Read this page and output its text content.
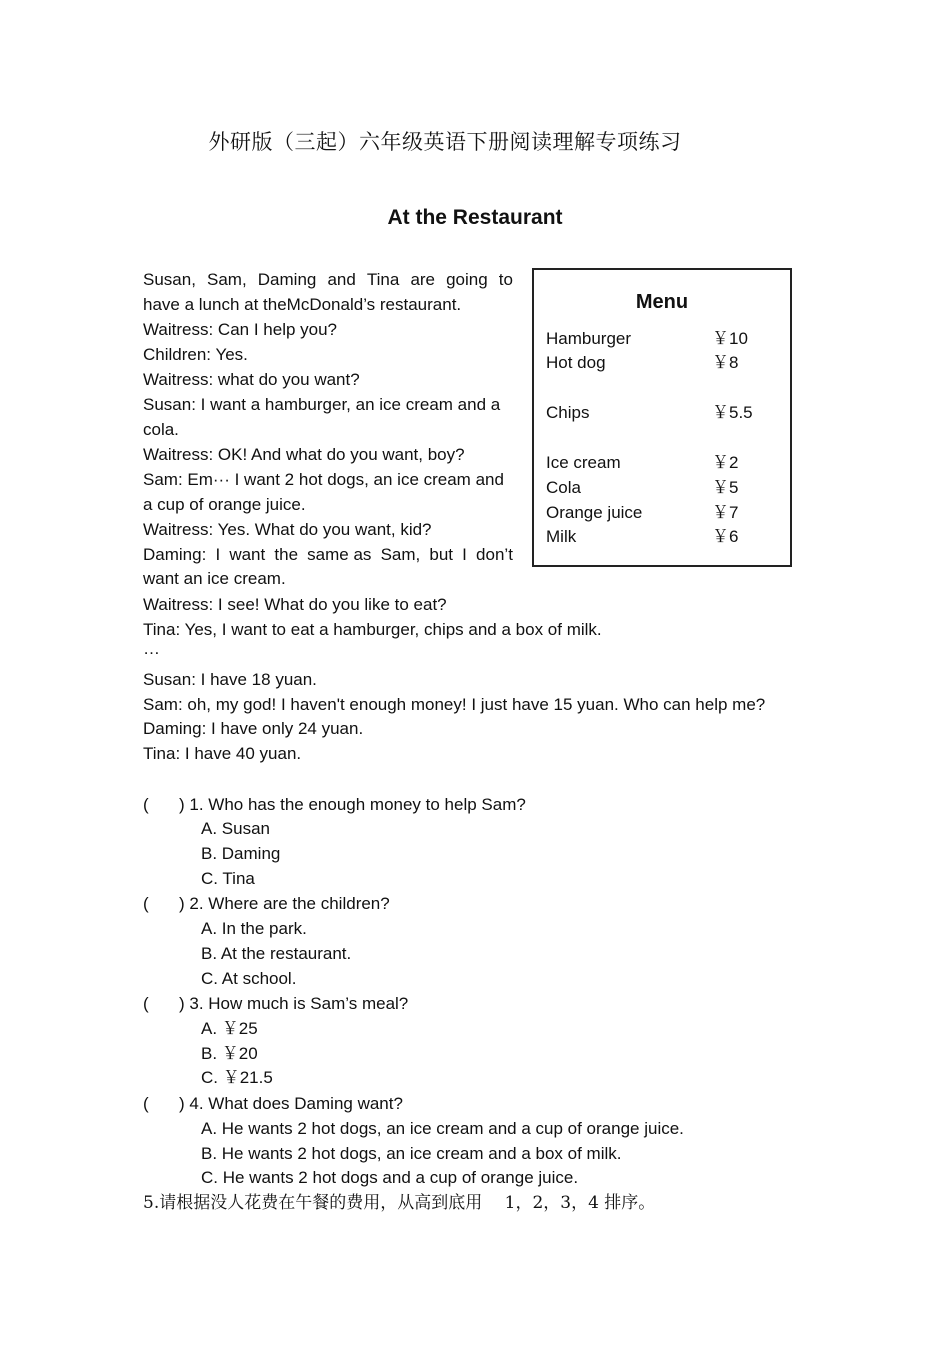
外研版（三起）六年级英语下册阅读理解专项练习
At the Restaurant
Susan, Sam, Daming and Tina are going to
have a lunch at theMcDonald’s restaurant.
Waitress: Can I help you?
Children: Yes.
Waitress: what do you want?
Susan: I want a hamburger, an ice cream and a
cola.
Waitress: OK! And what do you want, boy?
Sam: Em··· I want 2 hot dogs, an ice cream and
a cup of orange juice.
Waitress: Yes. What do you want, kid?
Daming: I want the same as Sam, but I don’t
want an ice cream.
Waitress: I see! What do you like to eat?
Tina: Yes, I want to eat a hamburger, chips and a box of milk.
…
Susan: I have 18 yuan.
Sam: oh, my god! I haven't enough money! I just have 15 yuan. Who can help me?
Daming: I have only 24 yuan.
Tina: I have 40 yuan.
Menu
Hamburger	￥10
Hot dog	￥8
Chips	￥5.5
Ice cream	￥2
Cola	￥5
Orange juice	￥7
Milk	￥6
( ) 1. Who has the enough money to help Sam?
A. Susan
B. Daming
C. Tina
( ) 2. Where are the children?
A. In the park.
B. At the restaurant.
C. At school.
( ) 3. How much is Sam’s meal?
A. ￥25
B. ￥20
C. ￥21.5
( ) 4. What does Daming want?
A. He wants 2 hot dogs, an ice cream and a cup of orange juice.
B. He wants 2 hot dogs, an ice cream and a box of milk.
C. He wants 2 hot dogs and a cup of orange juice.
5.请根据没人花费在午餐的费用，从高到底用　 1，2，3，4 排序。
